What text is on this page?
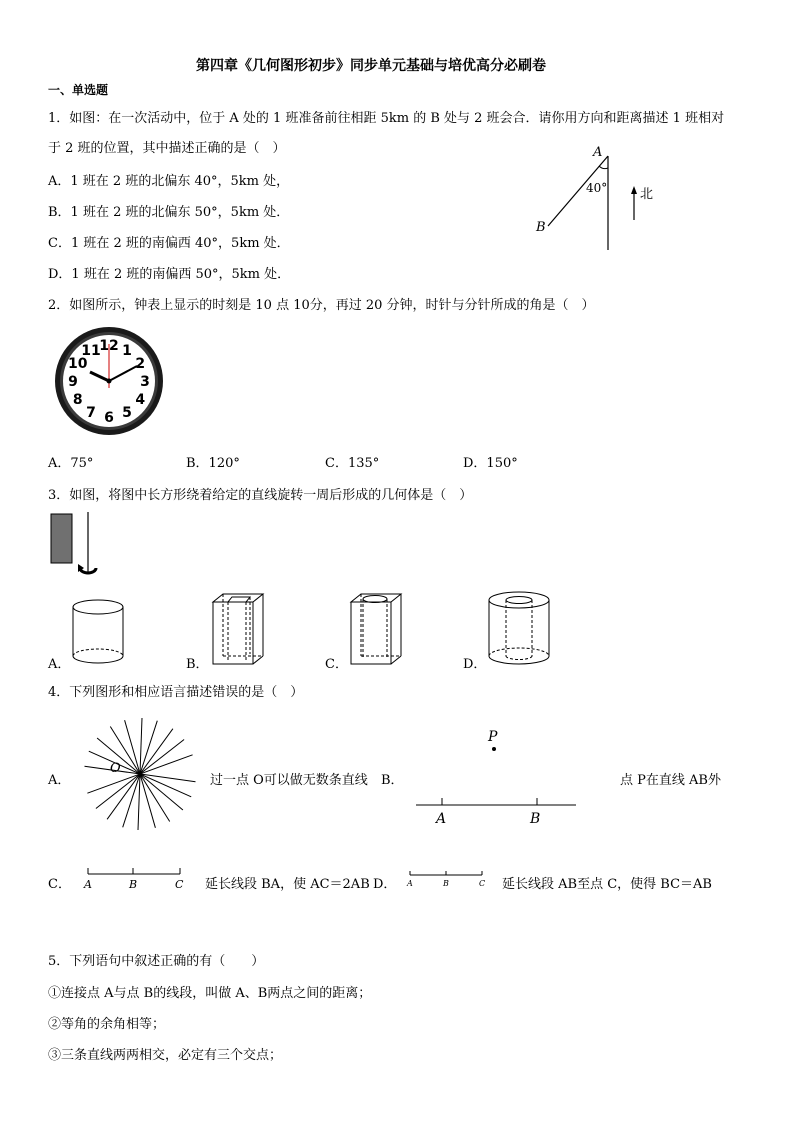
第四章《几何图形初步》同步单元基础与培优高分必刷卷
一、单选题
1．如图：在一次活动中，位于 A 处的 1 班准备前往相距 5km 的 B 处与 2 班会合．请你用方向和距离描述 1 班相对
于 2 班的位置，其中描述正确的是（　）
A．1 班在 2 班的北偏东 40°，5km 处，
B．1 班在 2 班的北偏东 50°，5km 处．
C．1 班在 2 班的南偏西 40°，5km 处．
D．1 班在 2 班的南偏西 50°，5km 处．
A
B
40°	北
2．如图所示，钟表上显示的时刻是 10 点 10分，再过 20 分钟，时针与分针所成的角是（　）
12 1
2
3
4
5
6
7
8
9
10
11
A．75°	B．120°	C．135°	D．150°
3．如图，将图中长方形绕着给定的直线旋转一周后形成的几何体是（　）
A．	B．	C．	D．
4．下列图形和相应语言描述错误的是（　）
A．
O
过一点 O可以做无数条直线 B．
P
A	B
点 P在直线 AB外
C． A	B	C 延长线段 BA，使 AC＝2AB D． A	B	C 延长线段 AB至点 C，使得 BC＝AB
5．下列语句中叙述正确的有（　　）
①连接点 A与点 B的线段，叫做 A、B两点之间的距离；
②等角的余角相等；
③三条直线两两相交，必定有三个交点；
